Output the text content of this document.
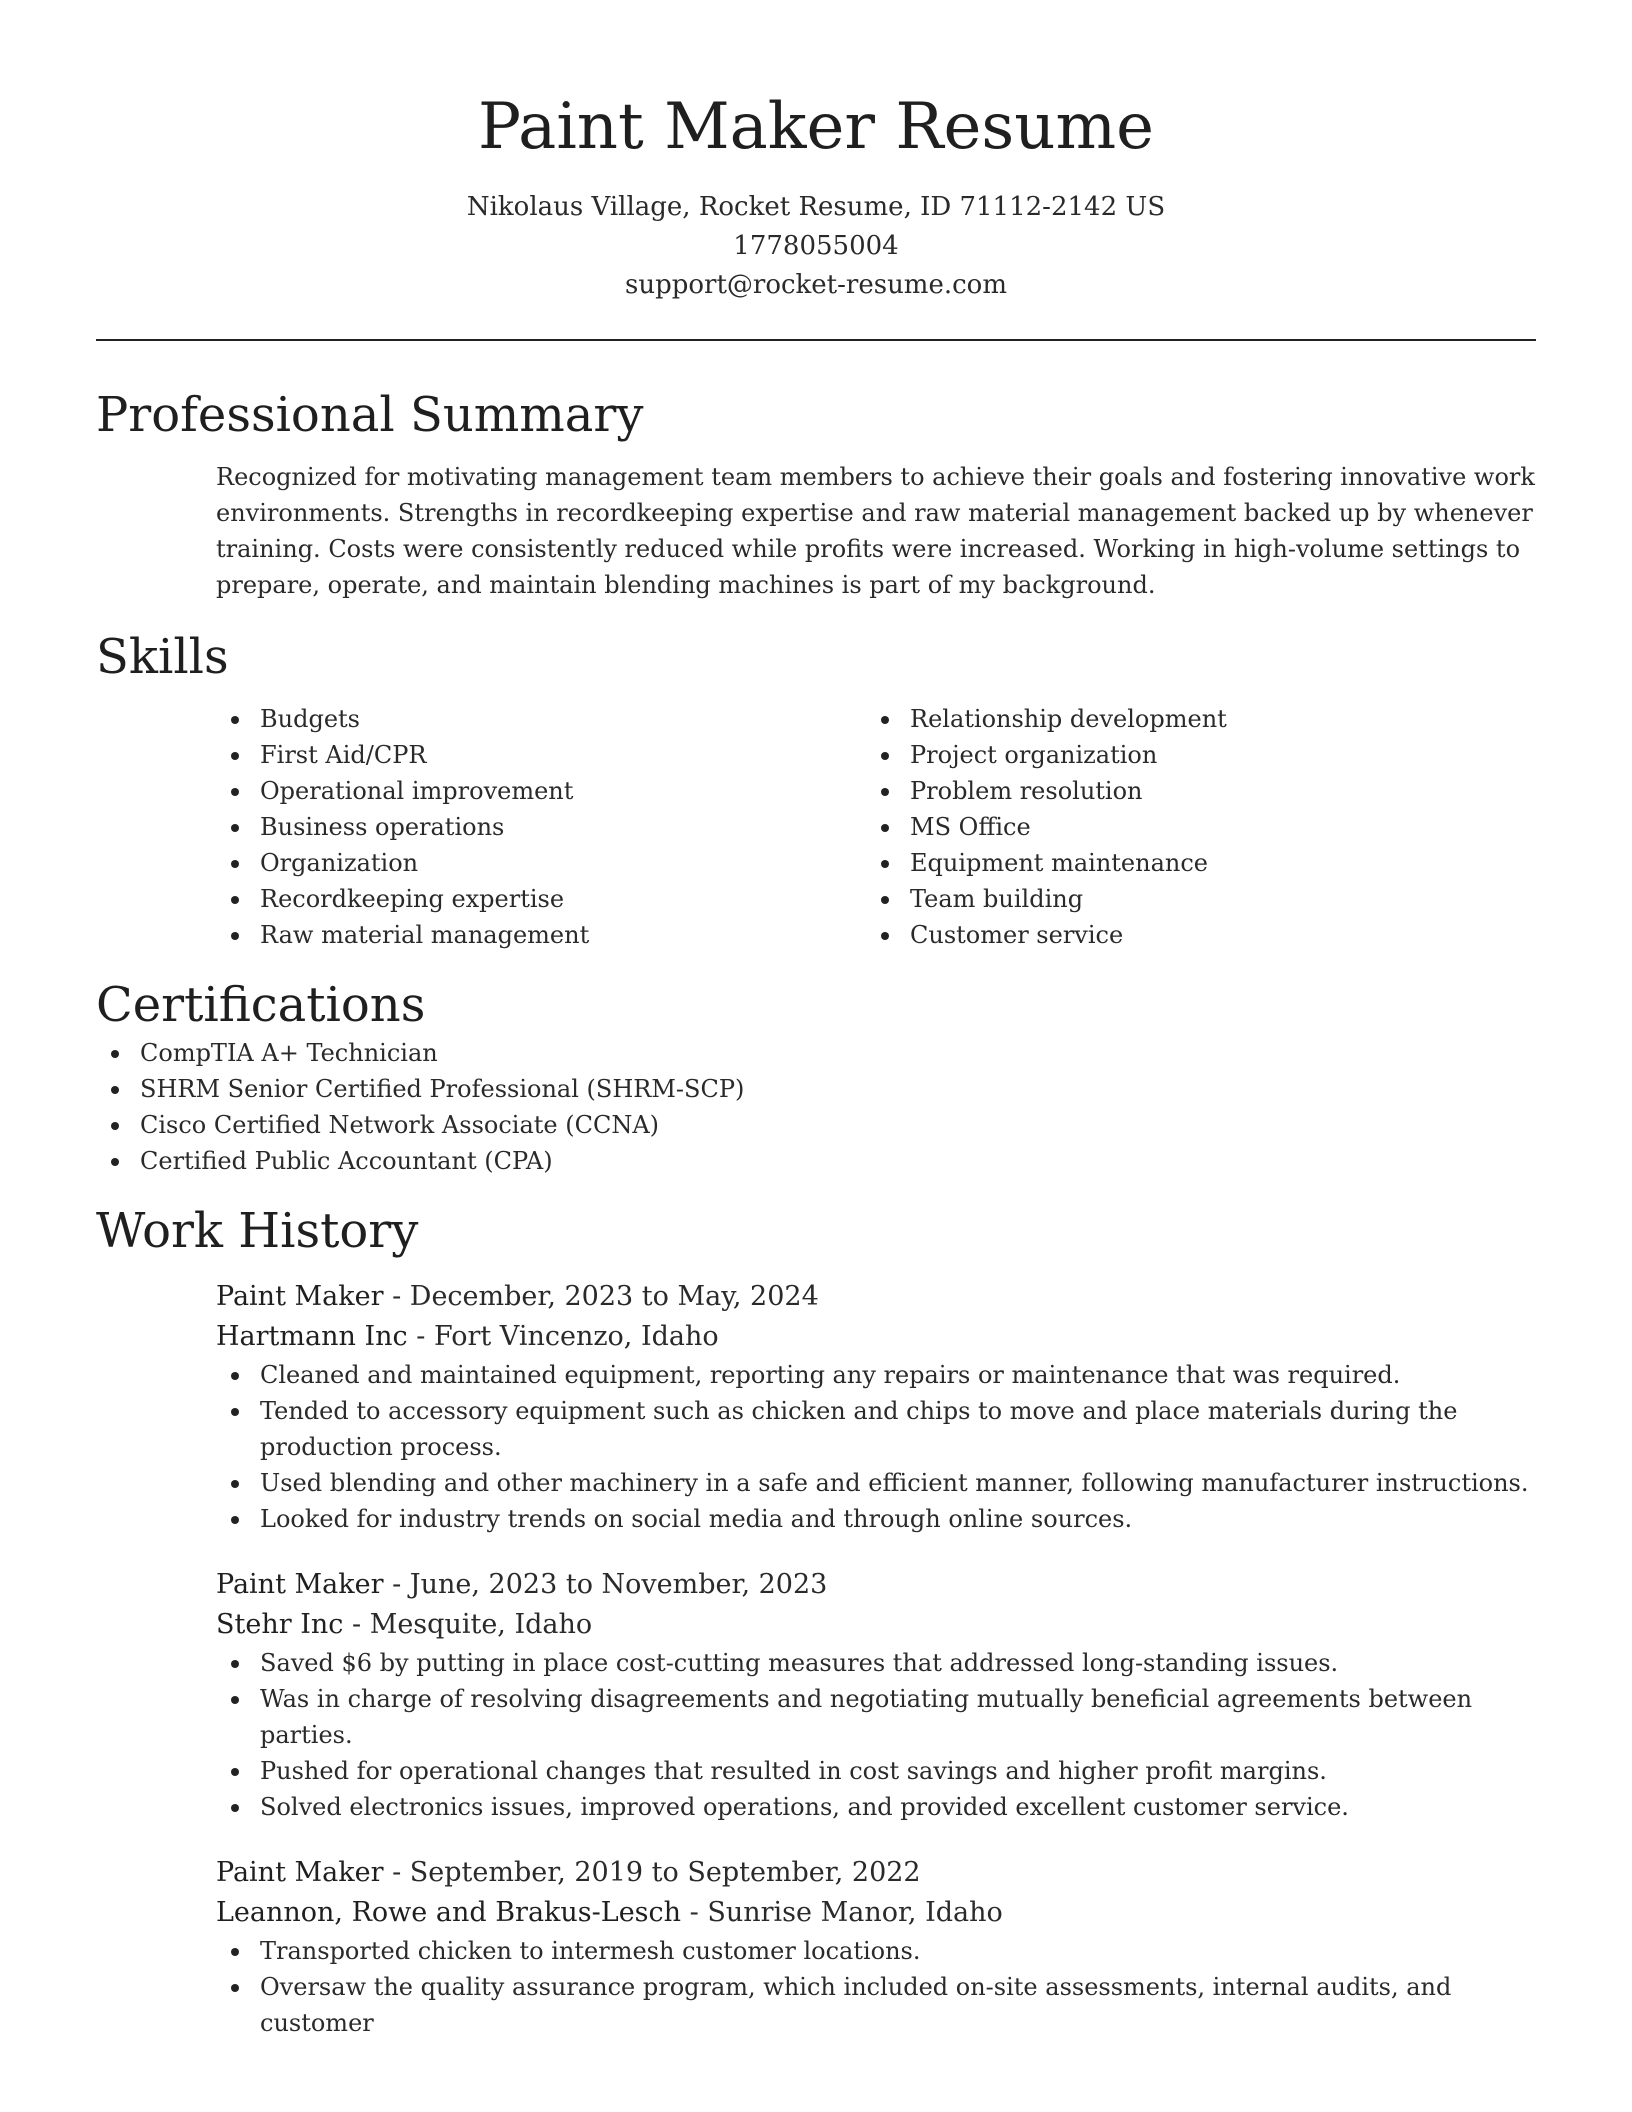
Paint Maker Resume
Nikolaus Village, Rocket Resume, ID 71112-2142 US
1778055004
support@rocket-resume.com
Professional Summary
Recognized for motivating management team members to achieve their goals and fostering innovative work environments. Strengths in recordkeeping expertise and raw material management backed up by whenever training. Costs were consistently reduced while profits were increased. Working in high-volume settings to prepare, operate, and maintain blending machines is part of my background.
Skills
Budgets
First Aid/CPR
Operational improvement
Business operations
Organization
Recordkeeping expertise
Raw material management
Relationship development
Project organization
Problem resolution
MS Office
Equipment maintenance
Team building
Customer service
Certifications
CompTIA A+ Technician
SHRM Senior Certified Professional (SHRM-SCP)
Cisco Certified Network Associate (CCNA)
Certified Public Accountant (CPA)
Work History
Paint Maker - December, 2023 to May, 2024
Hartmann Inc - Fort Vincenzo, Idaho
Cleaned and maintained equipment, reporting any repairs or maintenance that was required.
Tended to accessory equipment such as chicken and chips to move and place materials during the production process.
Used blending and other machinery in a safe and efficient manner, following manufacturer instructions.
Looked for industry trends on social media and through online sources.
Paint Maker - June, 2023 to November, 2023
Stehr Inc - Mesquite, Idaho
Saved $6 by putting in place cost-cutting measures that addressed long-standing issues.
Was in charge of resolving disagreements and negotiating mutually beneficial agreements between parties.
Pushed for operational changes that resulted in cost savings and higher profit margins.
Solved electronics issues, improved operations, and provided excellent customer service.
Paint Maker - September, 2019 to September, 2022
Leannon, Rowe and Brakus-Lesch - Sunrise Manor, Idaho
Transported chicken to intermesh customer locations.
Oversaw the quality assurance program, which included on-site assessments, internal audits, and customer
